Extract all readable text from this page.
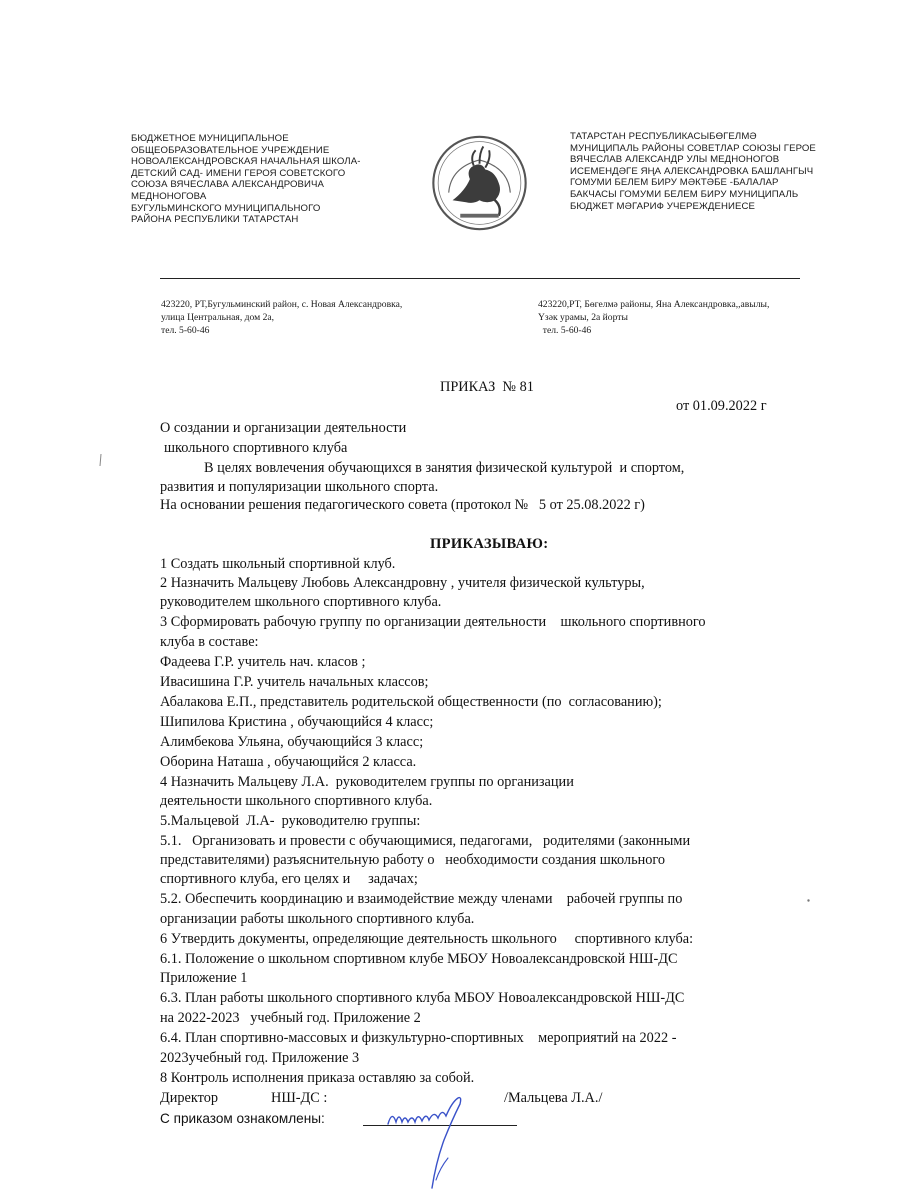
БЮДЖЕТНОЕ МУНИЦИПАЛЬНОЕ
ОБЩЕОБРАЗОВАТЕЛЬНОЕ УЧРЕЖДЕНИЕ
НОВОАЛЕКСАНДРОВСКАЯ НАЧАЛЬНАЯ ШКОЛА-
ДЕТСКИЙ САД- ИМЕНИ ГЕРОЯ СОВЕТСКОГО
СОЮЗА ВЯЧЕСЛАВА АЛЕКСАНДРОВИЧА
МЕДНОНОГОВА
БУГУЛЬМИНСКОГО МУНИЦИПАЛЬНОГО
РАЙОНА РЕСПУБЛИКИ ТАТАРСТАН
ТАТАРСТАН РЕСПУБЛИКАСЫБӨГЕЛМӘ
МУНИЦИПАЛЬ РАЙОНЫ СОВЕТЛАР СОЮЗЫ ГЕРОЕ
ВЯЧЕСЛАВ АЛЕКСАНДР УЛЫ МЕДНОНОГОВ
ИСЕМЕНДӘГЕ ЯҢА АЛЕКСАНДРОВКА БАШЛАНГЫЧ
ГОМУМИ БЕЛЕМ БИРУ МӘКТӘБЕ -БАЛАЛАР
БАКЧАСЫ ГОМУМИ БЕЛЕМ БИРУ МУНИЦИПАЛЬ
БЮДЖЕТ МӘГАРИФ УЧЕРЕЖДЕНИЕСЕ
423220, РТ,Бугульминский район, с. Новая Александровка,
улица Центральная, дом 2а,
тел. 5-60-46
423220,РТ, Бөгелмә районы, Яна Александровка,,авылы,
Үзәк урамы, 2а йорты
тел. 5-60-46
ПРИКАЗ  № 81
от 01.09.2022 г
О создании и организации деятельности
школьного спортивного клуба
В целях вовлечения обучающихся в занятия физической культурой  и спортом,
развития и популяризации школьного спорта.
На основании решения педагогического совета (протокол №   5 от 25.08.2022 г)
ПРИКАЗЫВАЮ:
1 Создать школьный спортивной клуб.
2 Назначить Мальцеву Любовь Александровну , учителя физической культуры,
руководителем школьного спортивного клуба.
3 Сформировать рабочую группу по организации деятельности    школьного спортивного
клуба в составе:
Фадеева Г.Р. учитель нач. класов ;
Ивасишина Г.Р. учитель начальных классов;
Абалакова Е.П., представитель родительской общественности (по  согласованию);
Шипилова Кристина , обучающийся 4 класс;
Алимбекова Ульяна, обучающийся 3 класс;
Оборина Наташа , обучающийся 2 класса.
4 Назначить Мальцеву Л.А.  руководителем группы по организации
деятельности школьного спортивного клуба.
5.Мальцевой  Л.А-  руководителю группы:
5.1.   Организовать и провести с обучающимися, педагогами,   родителями (законными
представителями) разъяснительную работу о   необходимости создания школьного
спортивного клуба, его целях и     задачах;
5.2. Обеспечить координацию и взаимодействие между членами    рабочей группы по
организации работы школьного спортивного клуба.
6 Утвердить документы, определяющие деятельность школьного     спортивного клуба:
6.1. Положение о школьном спортивном клубе МБОУ Новоалександровской НШ-ДС
Приложение 1
6.3. План работы школьного спортивного клуба МБОУ Новоалександровской НШ-ДС
на 2022-2023   учебный год. Приложение 2
6.4. План спортивно-массовых и физкультурно-спортивных    мероприятий на 2022 -
2023учебный год. Приложение 3
8 Контроль исполнения приказа оставляю за собой.
Директор	НШ-ДС :	/Мальцева Л.А./
С приказом ознакомлены:
